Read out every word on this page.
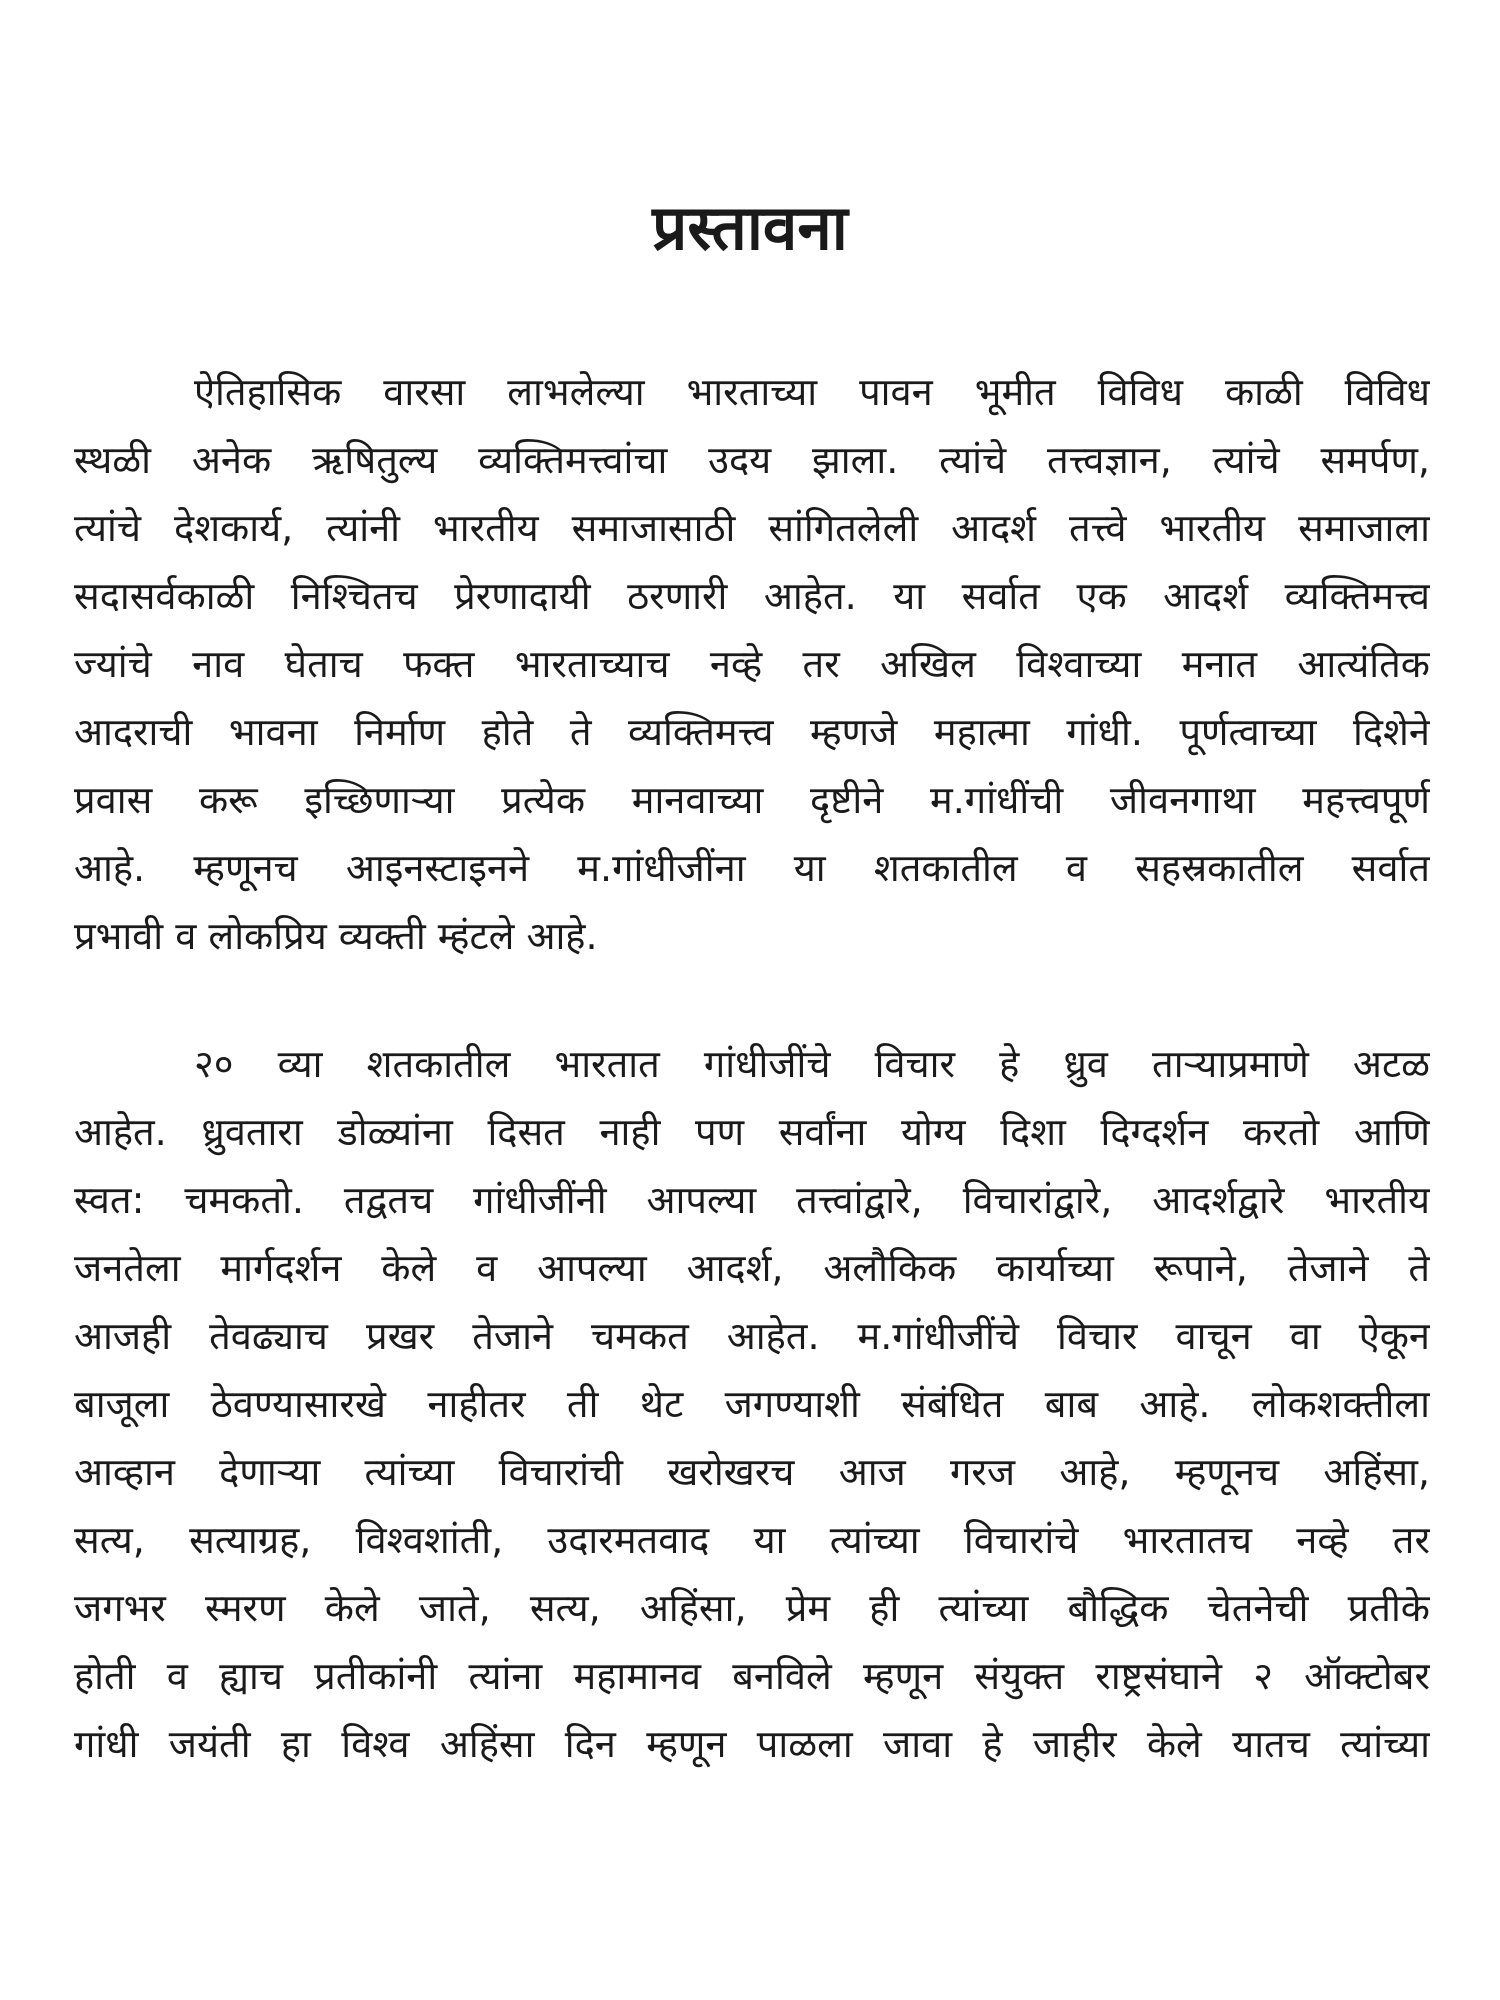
प्रस्तावना
ऐतिहासिक वारसा लाभलेल्या भारताच्या पावन भूमीत विविध काळी विविध
स्थळी अनेक ऋषितुल्य व्यक्तिमत्त्वांचा उदय झाला. त्यांचे तत्त्वज्ञान, त्यांचे समर्पण,
त्यांचे देशकार्य, त्यांनी भारतीय समाजासाठी सांगितलेली आदर्श तत्त्वे भारतीय समाजाला
सदासर्वकाळी निश्चितच प्रेरणादायी ठरणारी आहेत. या सर्वात एक आदर्श व्यक्तिमत्त्व
ज्यांचे नाव घेताच फक्त भारताच्याच नव्हे तर अखिल विश्वाच्या मनात आत्यंतिक
आदराची भावना निर्माण होते ते व्यक्तिमत्त्व म्हणजे महात्मा गांधी. पूर्णत्वाच्या दिशेने
प्रवास करू इच्छिणाऱ्या प्रत्येक मानवाच्या दृष्टीने म.गांधींची जीवनगाथा महत्त्वपूर्ण
आहे. म्हणूनच आइनस्टाइनने म.गांधीजींना या शतकातील व सहस्रकातील सर्वात
प्रभावी व लोकप्रिय व्यक्ती म्हंटले आहे.
२० व्या शतकातील भारतात गांधीजींचे विचार हे ध्रुव ताऱ्याप्रमाणे अटळ
आहेत. ध्रुवतारा डोळ्यांना दिसत नाही पण सर्वांना योग्य दिशा दिग्दर्शन करतो आणि
स्वत: चमकतो. तद्वतच गांधीजींनी आपल्या तत्त्वांद्वारे, विचारांद्वारे, आदर्शद्वारे भारतीय
जनतेला मार्गदर्शन केले व आपल्या आदर्श, अलौकिक कार्याच्या रूपाने, तेजाने ते
आजही तेवढ्याच प्रखर तेजाने चमकत आहेत. म.गांधीजींचे विचार वाचून वा ऐकून
बाजूला ठेवण्यासारखे नाहीतर ती थेट जगण्याशी संबंधित बाब आहे. लोकशक्तीला
आव्हान देणाऱ्या त्यांच्या विचारांची खरोखरच आज गरज आहे, म्हणूनच अहिंसा,
सत्य, सत्याग्रह, विश्वशांती, उदारमतवाद या त्यांच्या विचारांचे भारतातच नव्हे तर
जगभर स्मरण केले जाते, सत्य, अहिंसा, प्रेम ही त्यांच्या बौद्धिक चेतनेची प्रतीके
होती व ह्याच प्रतीकांनी त्यांना महामानव बनविले म्हणून संयुक्त राष्ट्रसंघाने २ ऑक्टोबर
गांधी जयंती हा विश्व अहिंसा दिन म्हणून पाळला जावा हे जाहीर केले यातच त्यांच्या
